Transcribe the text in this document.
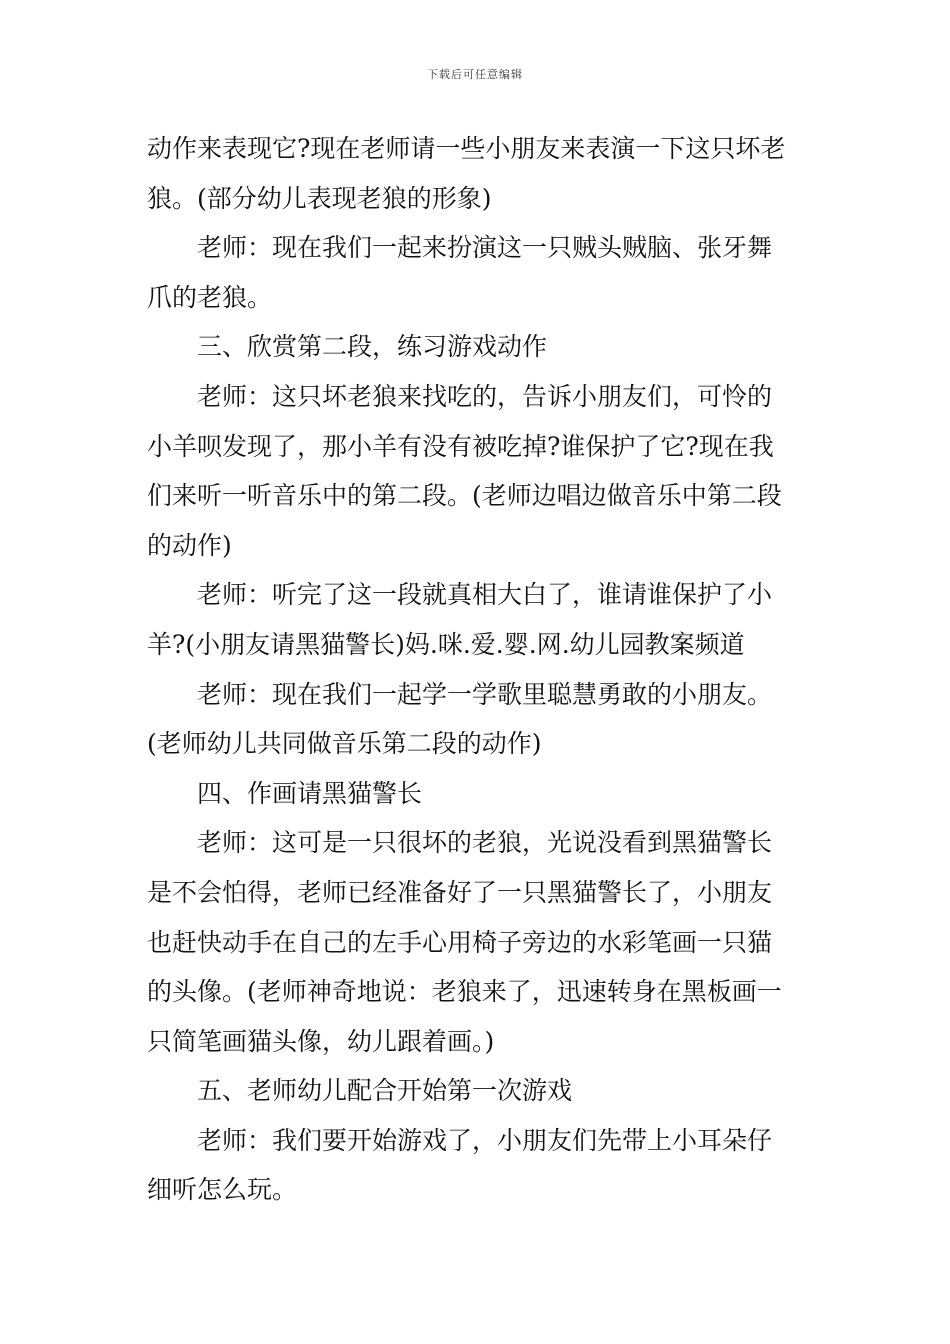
下载后可任意编辑
动作来表现它?现在老师请一些小朋友来表演一下这只坏老
狼。(部分幼儿表现老狼的形象)
老师：现在我们一起来扮演这一只贼头贼脑、张牙舞
爪的老狼。
三、欣赏第二段，练习游戏动作
老师：这只坏老狼来找吃的，告诉小朋友们，可怜的
小羊呗发现了，那小羊有没有被吃掉?谁保护了它?现在我
们来听一听音乐中的第二段。(老师边唱边做音乐中第二段
的动作)
老师：听完了这一段就真相大白了，谁请谁保护了小
羊?(小朋友请黑猫警长)妈.咪.爱.婴.网.幼儿园教案频道
老师：现在我们一起学一学歌里聪慧勇敢的小朋友。
(老师幼儿共同做音乐第二段的动作)
四、作画请黑猫警长
老师：这可是一只很坏的老狼，光说没看到黑猫警长
是不会怕得，老师已经准备好了一只黑猫警长了，小朋友
也赶快动手在自己的左手心用椅子旁边的水彩笔画一只猫
的头像。(老师神奇地说：老狼来了，迅速转身在黑板画一
只简笔画猫头像，幼儿跟着画。)
五、老师幼儿配合开始第一次游戏
老师：我们要开始游戏了，小朋友们先带上小耳朵仔
细听怎么玩。
